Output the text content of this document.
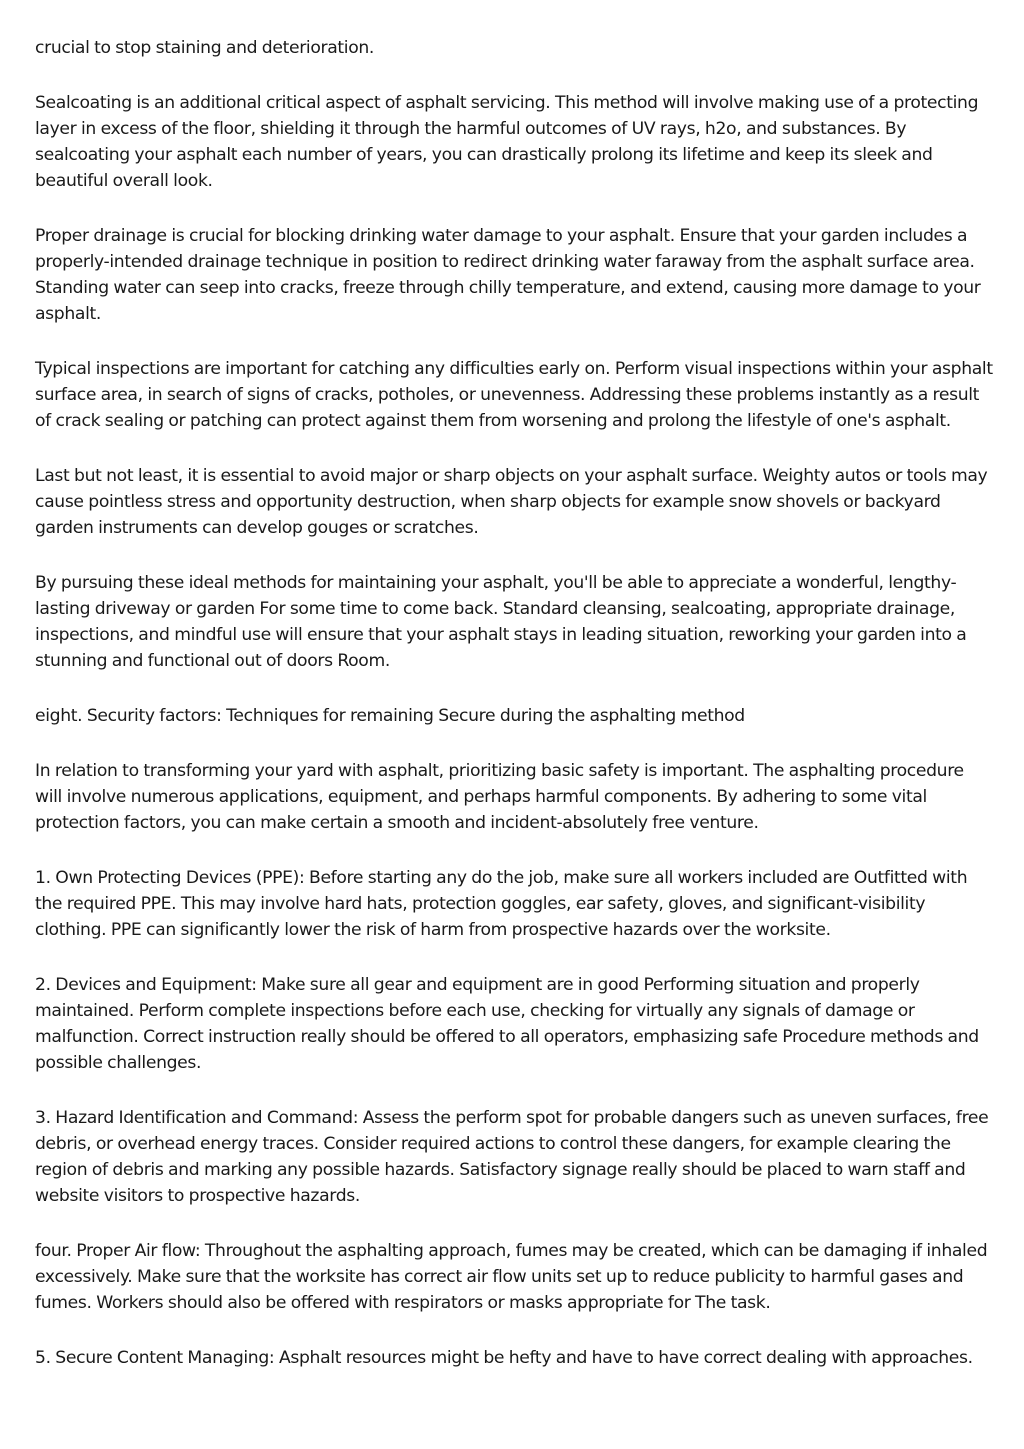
crucial to stop staining and deterioration.

Sealcoating is an additional critical aspect of asphalt servicing. This method will involve making use of a protecting layer in excess of the floor, shielding it through the harmful outcomes of UV rays, h2o, and substances. By sealcoating your asphalt each number of years, you can drastically prolong its lifetime and keep its sleek and beautiful overall look.

Proper drainage is crucial for blocking drinking water damage to your asphalt. Ensure that your garden includes a properly-intended drainage technique in position to redirect drinking water faraway from the asphalt surface area. Standing water can seep into cracks, freeze through chilly temperature, and extend, causing more damage to your asphalt.

Typical inspections are important for catching any difficulties early on. Perform visual inspections within your asphalt surface area, in search of signs of cracks, potholes, or unevenness. Addressing these problems instantly as a result of crack sealing or patching can protect against them from worsening and prolong the lifestyle of one's asphalt.

Last but not least, it is essential to avoid major or sharp objects on your asphalt surface. Weighty autos or tools may cause pointless stress and opportunity destruction, when sharp objects for example snow shovels or backyard garden instruments can develop gouges or scratches.

By pursuing these ideal methods for maintaining your asphalt, you'll be able to appreciate a wonderful, lengthy-lasting driveway or garden For some time to come back. Standard cleansing, sealcoating, appropriate drainage, inspections, and mindful use will ensure that your asphalt stays in leading situation, reworking your garden into a stunning and functional out of doors Room.

eight. Security factors: Techniques for remaining Secure during the asphalting method

In relation to transforming your yard with asphalt, prioritizing basic safety is important. The asphalting procedure will involve numerous applications, equipment, and perhaps harmful components. By adhering to some vital protection factors, you can make certain a smooth and incident-absolutely free venture.

1. Own Protecting Devices (PPE): Before starting any do the job, make sure all workers included are Outfitted with the required PPE. This may involve hard hats, protection goggles, ear safety, gloves, and significant-visibility clothing. PPE can significantly lower the risk of harm from prospective hazards over the worksite.

2. Devices and Equipment: Make sure all gear and equipment are in good Performing situation and properly maintained. Perform complete inspections before each use, checking for virtually any signals of damage or malfunction. Correct instruction really should be offered to all operators, emphasizing safe Procedure methods and possible challenges.

3. Hazard Identification and Command: Assess the perform spot for probable dangers such as uneven surfaces, free debris, or overhead energy traces. Consider required actions to control these dangers, for example clearing the region of debris and marking any possible hazards. Satisfactory signage really should be placed to warn staff and website visitors to prospective hazards.

four. Proper Air flow: Throughout the asphalting approach, fumes may be created, which can be damaging if inhaled excessively. Make sure that the worksite has correct air flow units set up to reduce publicity to harmful gases and fumes. Workers should also be offered with respirators or masks appropriate for The task.

5. Secure Content Managing: Asphalt resources might be hefty and have to have correct dealing with approaches.
